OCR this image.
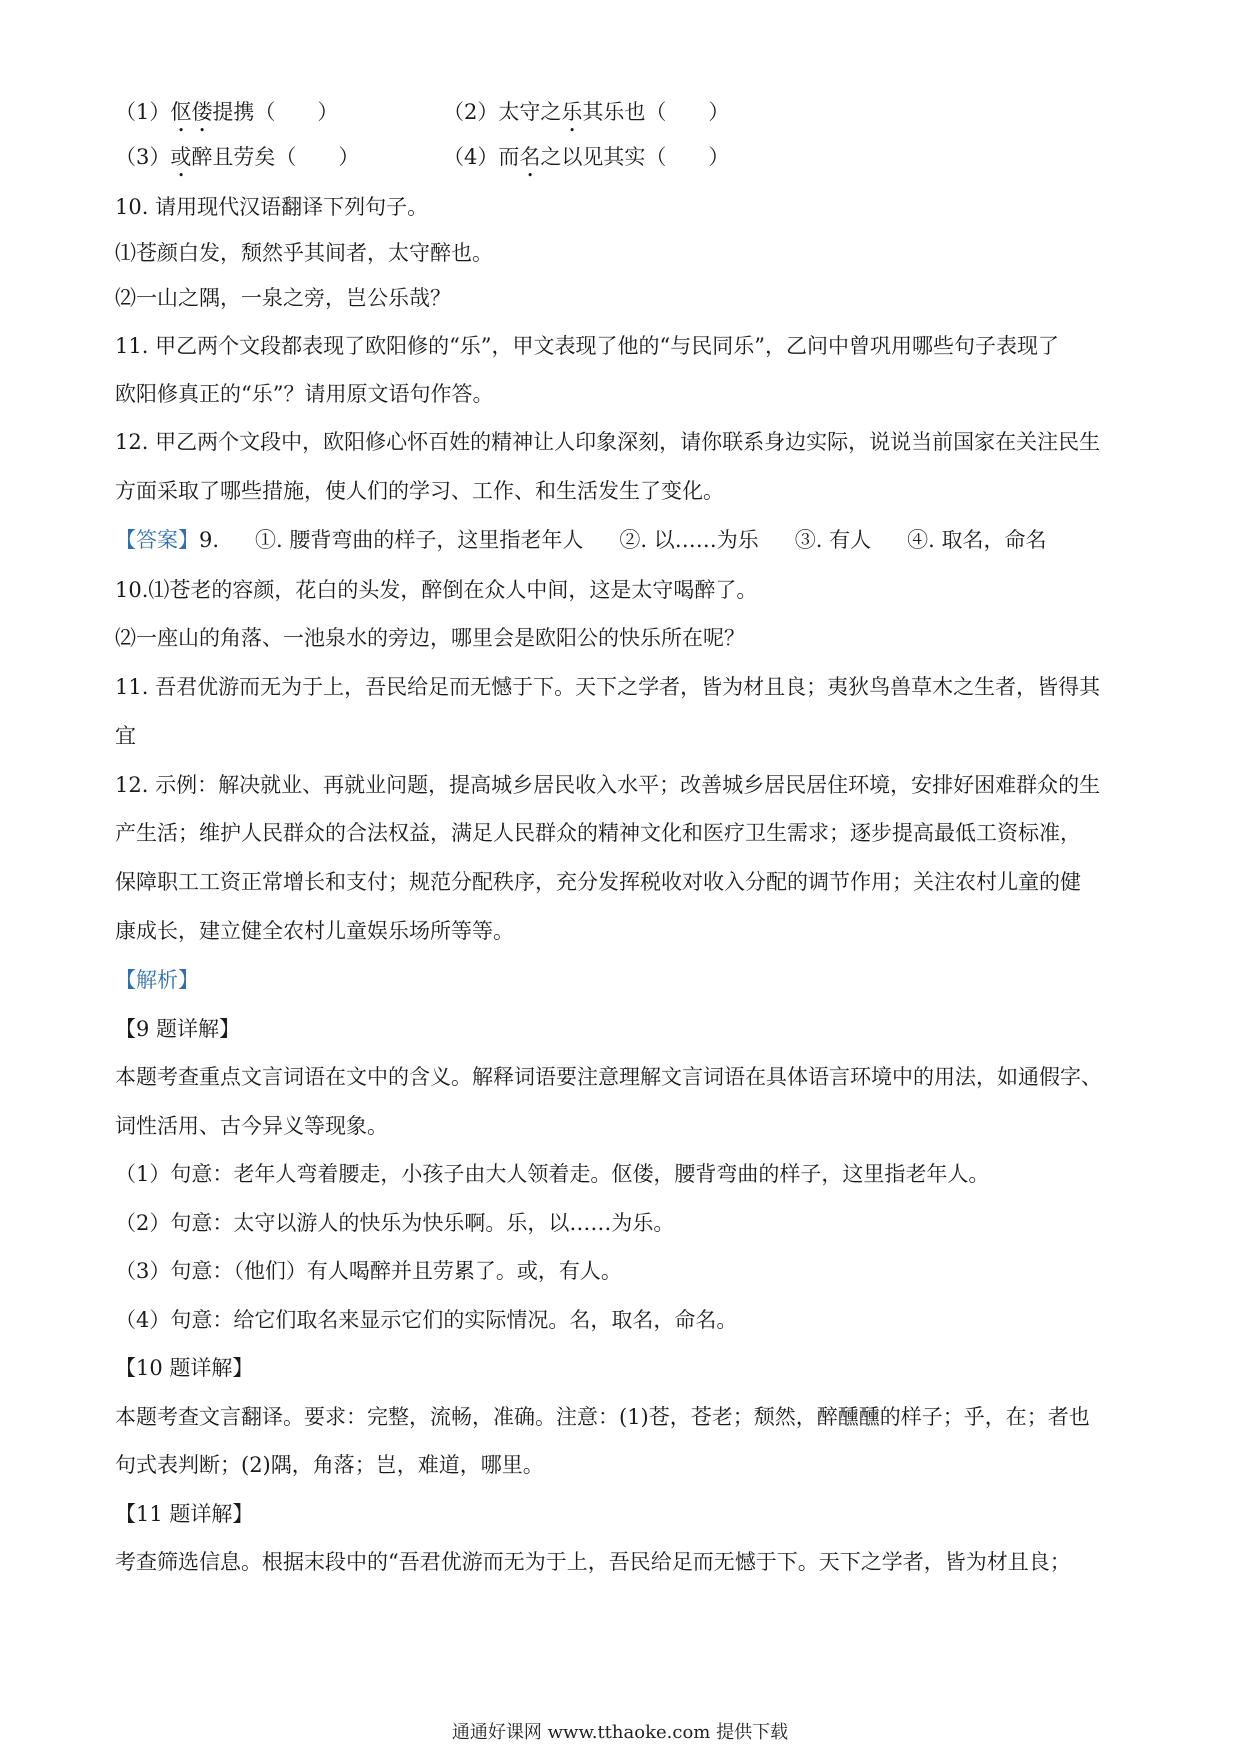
（1）伛偻提携（　　）	（2）太守之乐其乐也（　　）
（3）或醉且劳矣（　　）	（4）而名之以见其实（　　）
10. 请用现代汉语翻译下列句子。
⑴苍颜白发，颓然乎其间者，太守醉也。
⑵一山之隅，一泉之旁，岂公乐哉？
11. 甲乙两个文段都表现了欧阳修的“乐”，甲文表现了他的“与民同乐”，乙问中曾巩用哪些句子表现了
欧阳修真正的“乐”？请用原文语句作答。
12. 甲乙两个文段中，欧阳修心怀百姓的精神让人印象深刻，请你联系身边实际，说说当前国家在关注民生
方面采取了哪些措施，使人们的学习、工作、和生活发生了变化。
【答案】9. ①. 腰背弯曲的样子，这里指老年人 ②. 以……为乐 ③. 有人 ④. 取名，命名
10.⑴苍老的容颜，花白的头发，醉倒在众人中间，这是太守喝醉了。
⑵一座山的角落、一池泉水的旁边，哪里会是欧阳公的快乐所在呢？
11. 吾君优游而无为于上，吾民给足而无憾于下。天下之学者，皆为材且良；夷狄鸟兽草木之生者，皆得其
宜
12. 示例：解决就业、再就业问题，提高城乡居民收入水平；改善城乡居民居住环境，安排好困难群众的生
产生活；维护人民群众的合法权益，满足人民群众的精神文化和医疗卫生需求；逐步提高最低工资标准，
保障职工工资正常增长和支付；规范分配秩序，充分发挥税收对收入分配的调节作用；关注农村儿童的健
康成长，建立健全农村儿童娱乐场所等等。
【解析】
【9 题详解】
本题考查重点文言词语在文中的含义。解释词语要注意理解文言词语在具体语言环境中的用法，如通假字、
词性活用、古今异义等现象。
（1）句意：老年人弯着腰走，小孩子由大人领着走。伛偻，腰背弯曲的样子，这里指老年人。
（2）句意：太守以游人的快乐为快乐啊。乐，以……为乐。
（3）句意：（他们）有人喝醉并且劳累了。或，有人。
（4）句意：给它们取名来显示它们的实际情况。名，取名，命名。
【10 题详解】
本题考查文言翻译。要求：完整，流畅，准确。注意：(1)苍，苍老；颓然，醉醺醺的样子；乎，在；者也
句式表判断；(2)隅，角落；岂，难道，哪里。
【11 题详解】
考查筛选信息。根据末段中的“吾君优游而无为于上，吾民给足而无憾于下。天下之学者，皆为材且良；
通通好课网 www.tthaoke.com 提供下载
